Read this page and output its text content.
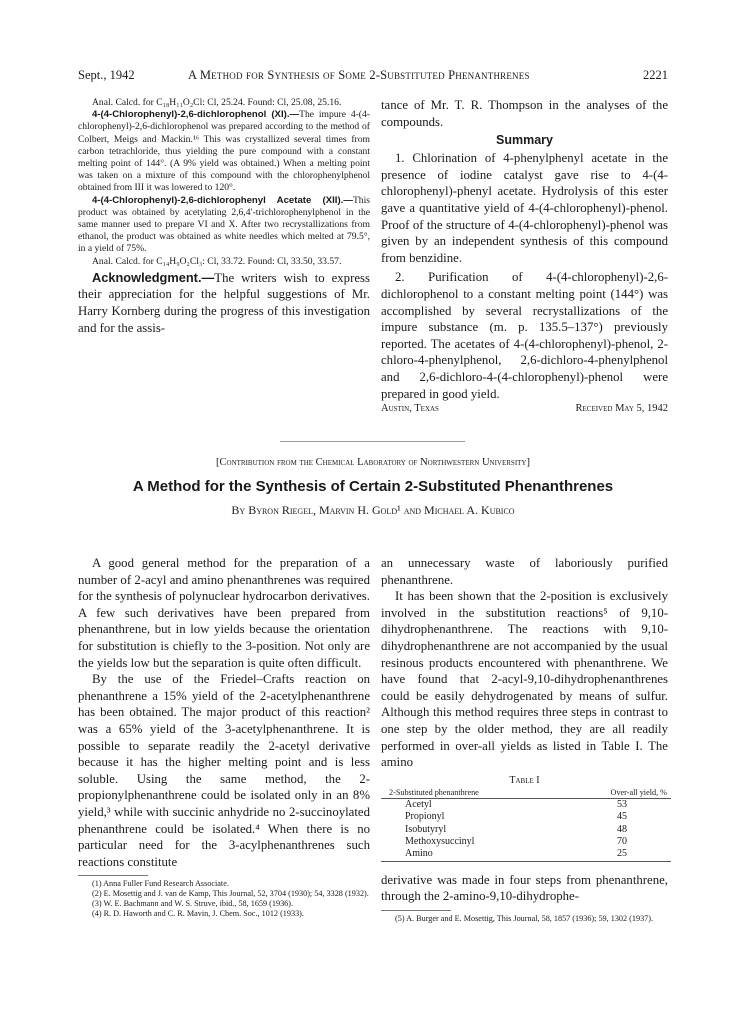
Sept., 1942	A Method for Synthesis of Some 2-Substituted Phenanthrenes	2221

Anal. Calcd. for C₁₈H₁₁O₂Cl: Cl, 25.24. Found: Cl, 25.08, 25.16.

4-(4-Chlorophenyl)-2,6-dichlorophenol (XI).—The impure 4-(4-chlorophenyl)-2,6-dichlorophenol was prepared according to the method of Colbert, Meigs and Mackin.¹⁶ This was crystallized several times from carbon tetrachloride, thus yielding the pure compound with a constant melting point of 144°. (A 9% yield was obtained.) When a melting point was taken on a mixture of this compound with the chlorophenylphenol obtained from III it was lowered to 120°.

4-(4-Chlorophenyl)-2,6-dichlorophenyl Acetate (XII).—This product was obtained by acetylating 2,6,4′-trichlorophenylphenol in the same manner used to prepare VI and X. After two recrystallizations from ethanol, the product was obtained as white needles which melted at 79.5°, in a yield of 75%.

Anal. Calcd. for C₁₄H₉O₂Cl₃: Cl, 33.72. Found: Cl, 33.50, 33.57.

Acknowledgment.—The writers wish to express their appreciation for the helpful suggestions of Mr. Harry Kornberg during the progress of this investigation and for the assis-

tance of Mr. T. R. Thompson in the analyses of the compounds.

Summary

1. Chlorination of 4-phenylphenyl acetate in the presence of iodine catalyst gave rise to 4-(4-chlorophenyl)-phenyl acetate. Hydrolysis of this ester gave a quantitative yield of 4-(4-chlorophenyl)-phenol. Proof of the structure of 4-(4-chlorophenyl)-phenol was given by an independent synthesis of this compound from benzidine.

2. Purification of 4-(4-chlorophenyl)-2,6-dichlorophenol to a constant melting point (144°) was accomplished by several recrystallizations of the impure substance (m. p. 135.5–137°) previously reported. The acetates of 4-(4-chlorophenyl)-phenol, 2-chloro-4-phenylphenol, 2,6-dichloro-4-phenylphenol and 2,6-dichloro-4-(4-chlorophenyl)-phenol were prepared in good yield.

Austin, Texas	Received May 5, 1942
[Contribution from the Chemical Laboratory of Northwestern University]
A Method for the Synthesis of Certain 2-Substituted Phenanthrenes
By Byron Riegel, Marvin H. Gold¹ and Michael A. Kubico

A good general method for the preparation of a number of 2-acyl and amino phenanthrenes was required for the synthesis of polynuclear hydrocarbon derivatives. A few such derivatives have been prepared from phenanthrene, but in low yields because the orientation for substitution is chiefly to the 3-position. Not only are the yields low but the separation is quite often difficult.

By the use of the Friedel–Crafts reaction on phenanthrene a 15% yield of the 2-acetylphenanthrene has been obtained. The major product of this reaction² was a 65% yield of the 3-acetylphenanthrene. It is possible to separate readily the 2-acetyl derivative because it has the higher melting point and is less soluble. Using the same method, the 2-propionylphenanthrene could be isolated only in an 8% yield,³ while with succinic anhydride no 2-succinoylated phenanthrene could be isolated.⁴ When there is no particular need for the 3-acylphenanthrenes such reactions constitute

(1) Anna Fuller Fund Research Associate.

(2) E. Mosettig and J. van de Kamp, This Journal, 52, 3704 (1930); 54, 3328 (1932).

(3) W. E. Bachmann and W. S. Struve, ibid., 58, 1659 (1936).

(4) R. D. Haworth and C. R. Mavin, J. Chem. Soc., 1012 (1933).

an unnecessary waste of laboriously purified phenanthrene.

It has been shown that the 2-position is exclusively involved in the substitution reactions⁵ of 9,10-dihydrophenanthrene. The reactions with 9,10-dihydrophenanthrene are not accompanied by the usual resinous products encountered with phenanthrene. We have found that 2-acyl-9,10-dihydrophenanthrenes could be easily dehydrogenated by means of sulfur. Although this method requires three steps in contrast to one step by the older method, they are all readily performed in over-all yields as listed in Table I. The amino

Table I
2-Substituted phenanthrene	Over-all yield, %
Acetyl	53
Propionyl	45
Isobutyryl	48
Methoxysuccinyl	70
Amino	25

derivative was made in four steps from phenanthrene, through the 2-amino-9,10-dihydrophe-

(5) A. Burger and E. Mosettig, This Journal, 58, 1857 (1936); 59, 1302 (1937).
